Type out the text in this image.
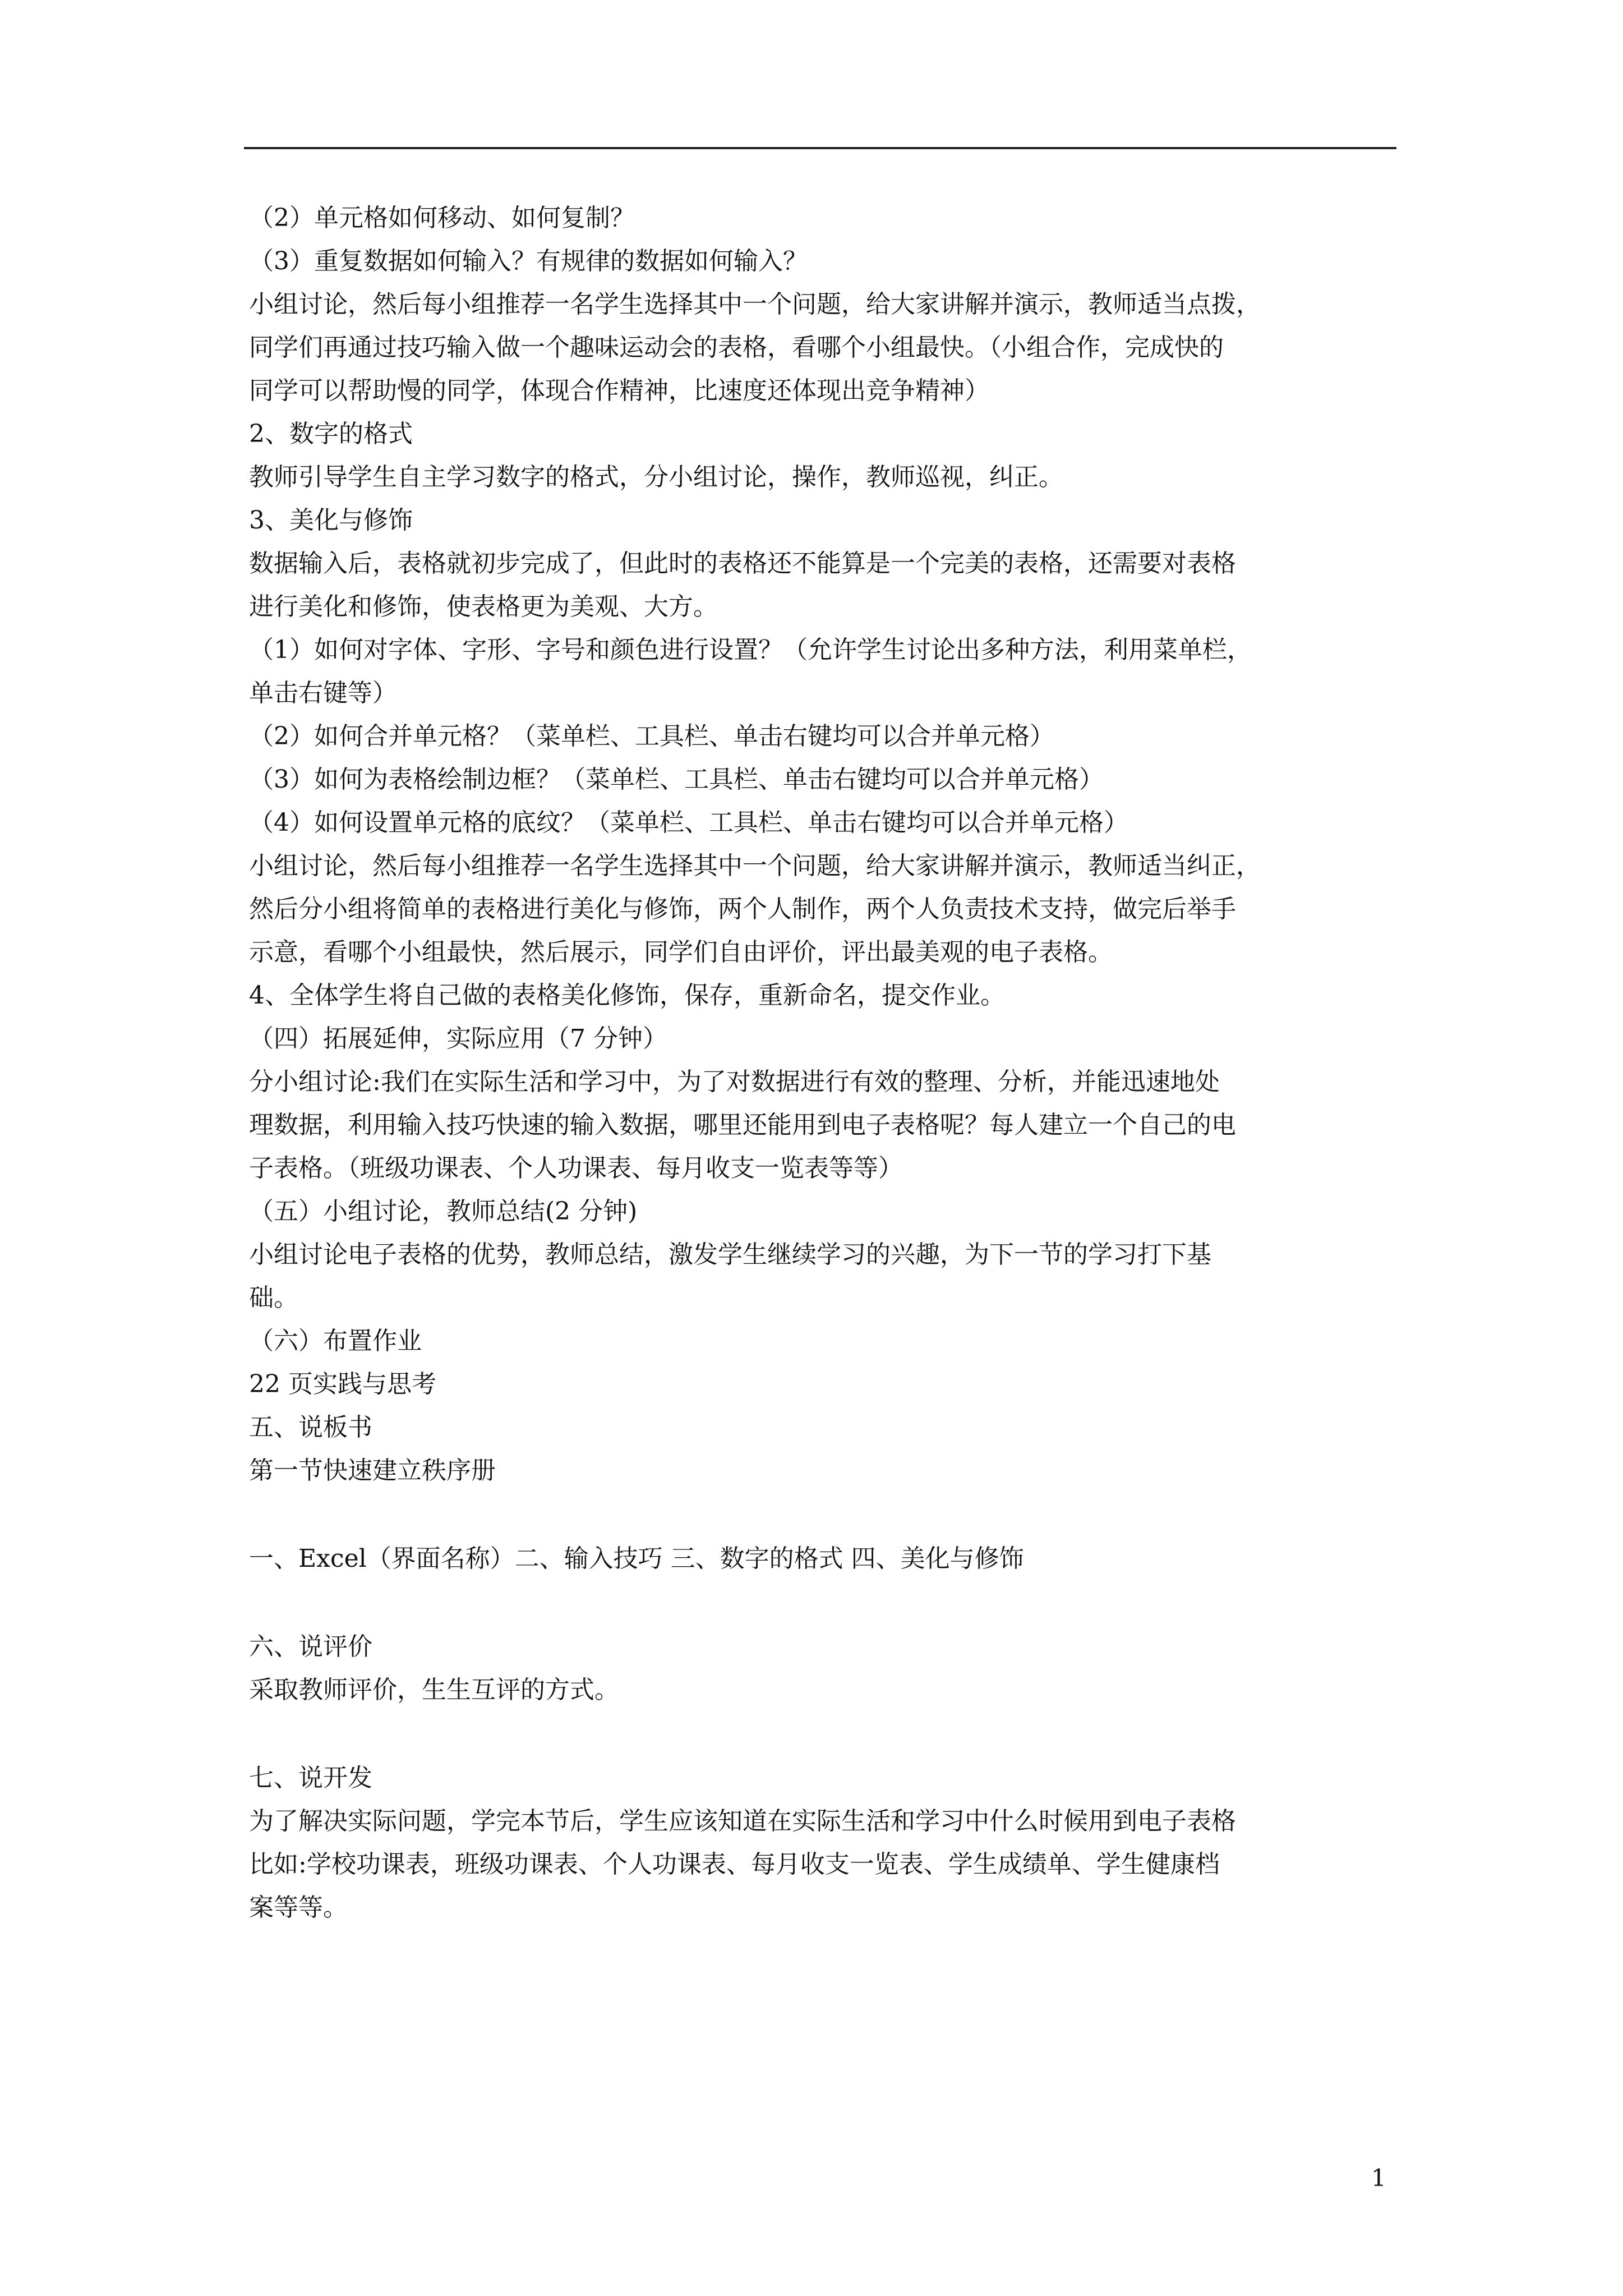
（2）单元格如何移动、如何复制？
（3）重复数据如何输入？有规律的数据如何输入？
小组讨论，然后每小组推荐一名学生选择其中一个问题，给大家讲解并演示，教师适当点拨，
同学们再通过技巧输入做一个趣味运动会的表格，看哪个小组最快。（小组合作，完成快的
同学可以帮助慢的同学，体现合作精神，比速度还体现出竞争精神）
2、数字的格式
教师引导学生自主学习数字的格式，分小组讨论，操作，教师巡视，纠正。
3、美化与修饰
数据输入后，表格就初步完成了，但此时的表格还不能算是一个完美的表格，还需要对表格
进行美化和修饰，使表格更为美观、大方。
（1）如何对字体、字形、字号和颜色进行设置？（允许学生讨论出多种方法，利用菜单栏，
单击右键等）
（2）如何合并单元格？（菜单栏、工具栏、单击右键均可以合并单元格）
（3）如何为表格绘制边框？（菜单栏、工具栏、单击右键均可以合并单元格）
（4）如何设置单元格的底纹？（菜单栏、工具栏、单击右键均可以合并单元格）
小组讨论，然后每小组推荐一名学生选择其中一个问题，给大家讲解并演示，教师适当纠正，
然后分小组将简单的表格进行美化与修饰，两个人制作，两个人负责技术支持，做完后举手
示意，看哪个小组最快，然后展示，同学们自由评价，评出最美观的电子表格。
4、全体学生将自己做的表格美化修饰，保存，重新命名，提交作业。
（四）拓展延伸，实际应用（7 分钟）
分小组讨论:我们在实际生活和学习中，为了对数据进行有效的整理、分析，并能迅速地处
理数据，利用输入技巧快速的输入数据，哪里还能用到电子表格呢？每人建立一个自己的电
子表格。（班级功课表、个人功课表、每月收支一览表等等）
（五）小组讨论，教师总结(2 分钟)
小组讨论电子表格的优势，教师总结，激发学生继续学习的兴趣，为下一节的学习打下基
础。
（六）布置作业
22 页实践与思考
五、说板书
第一节快速建立秩序册
一、Excel（界面名称）二、输入技巧 三、数字的格式 四、美化与修饰
六、说评价
采取教师评价，生生互评的方式。
七、说开发
为了解决实际问题，学完本节后，学生应该知道在实际生活和学习中什么时候用到电子表格
比如:学校功课表，班级功课表、个人功课表、每月收支一览表、学生成绩单、学生健康档
案等等。
1
